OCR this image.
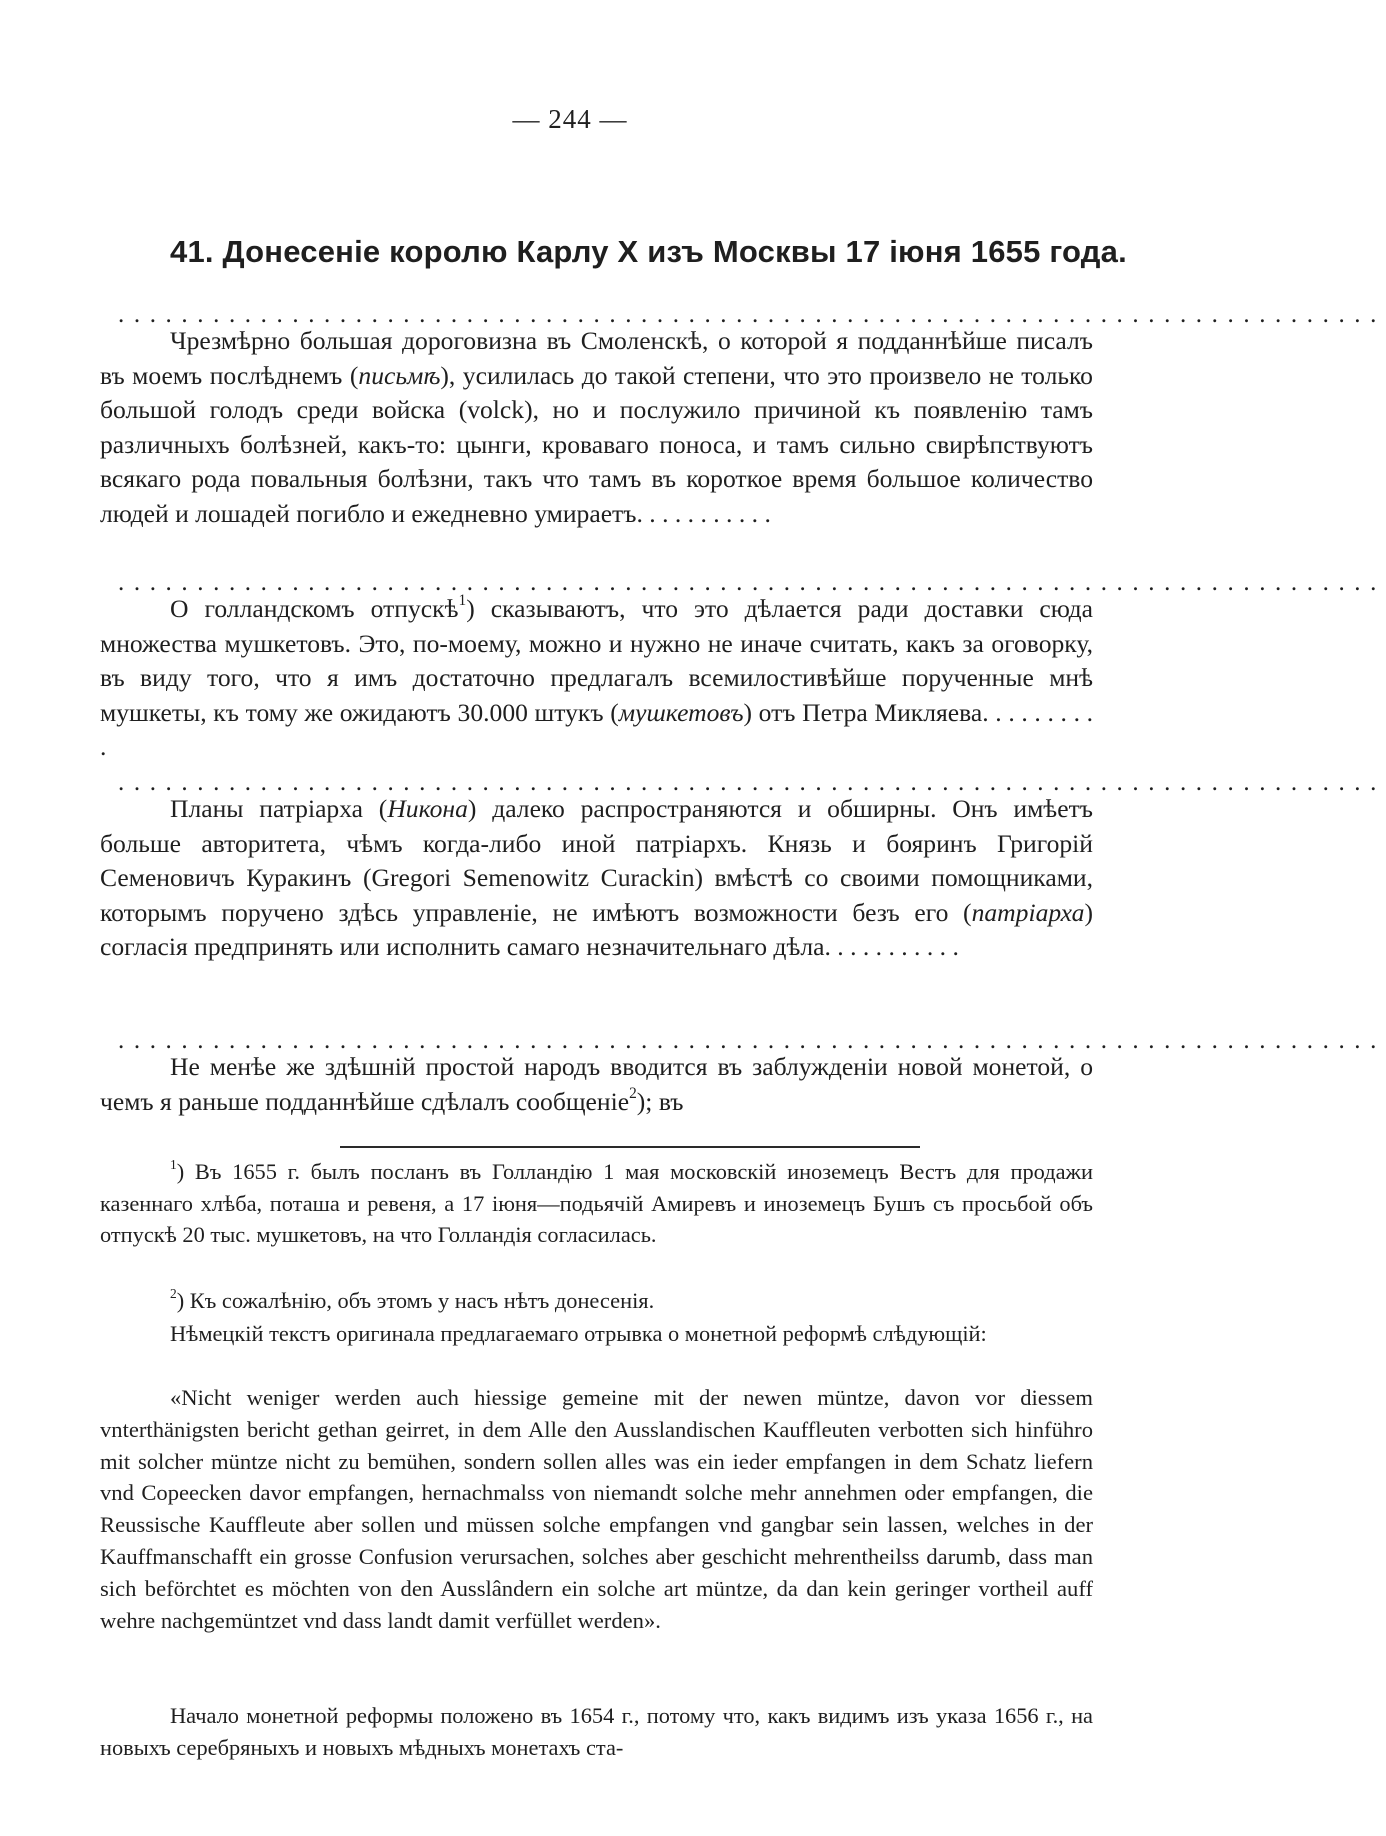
— 244 —
41. Донесеніе королю Карлу X изъ Москвы 17 іюня 1655 года.
................................................................................

Чрезмѣрно большая дороговизна въ Смоленскѣ, о которой я подданнѣйше писалъ въ моемъ послѣднемъ (письмѣ), усилилась до такой степени, что это произвело не только большой голодъ среди войска (volck), но и послужило причиной къ появленію тамъ различныхъ болѣзней, какъ-то: цынги, кроваваго поноса, и тамъ сильно свирѣпствуютъ всякаго рода повальныя болѣзни, такъ что тамъ въ короткое время большое количество людей и лошадей погибло и ежедневно умираетъ. . . . . . . . . . .

................................................................................

О голландскомъ отпускѣ$^1$) сказываютъ, что это дѣлается ради доставки сюда множества мушкетовъ. Это, по-моему, можно и нужно не иначе считать, какъ за оговорку, въ виду того, что я имъ достаточно предлагалъ всемилостивѣйше порученные мнѣ мушкеты, къ тому же ожидаютъ 30.000 штукъ (мушкетовъ) отъ Петра Микляева. . . . . . . . . .

................................................................................

Планы патріарха (Никона) далеко распространяются и обширны. Онъ имѣетъ больше авторитета, чѣмъ когда-либо иной патріархъ. Князь и бояринъ Григорій Семеновичъ Куракинъ (Gregori Semenowitz Curackin) вмѣстѣ со своими помощниками, которымъ поручено здѣсь управленіе, не имѣютъ возможности безъ его (патріарха) согласія предпринять или исполнить самаго незначительнаго дѣла. . . . . . . . . . .

................................................................................

Не менѣе же здѣшній простой народъ вводится въ заблужденіи новой монетой, о чемъ я раньше подданнѣйше сдѣлалъ сообщеніе$^2$); въ

$^1$) Въ 1655 г. былъ посланъ въ Голландію 1 мая московскій иноземецъ Вестъ для продажи казеннаго хлѣба, поташа и ревеня, а 17 іюня—подьячій Амиревъ и иноземецъ Бушъ съ просьбой объ отпускѣ 20 тыс. мушкетовъ, на что Голландія согласилась.

$^2$) Къ сожалѣнію, объ этомъ у насъ нѣтъ донесенія.

Нѣмецкій текстъ оригинала предлагаемаго отрывка о монетной реформѣ слѣдующій:

«Nicht weniger werden auch hiessige gemeine mit der newen müntze, davon vor diessem vnterthänigsten bericht gethan geirret, in dem Alle den Ausslandischen Kauffleuten verbotten sich hinführo mit solcher müntze nicht zu bemühen, sondern sollen alles was ein ieder empfangen in dem Schatz liefern vnd Copeecken davor empfangen, hernachmalss von niemandt solche mehr annehmen oder empfangen, die Reussische Kauffleute aber sollen und müssen solche empfangen vnd gangbar sein lassen, welches in der Kauffmanschafft ein grosse Confusion verursachen, solches aber geschicht mehrentheilss darumb, dass man sich beförchtet es möchten von den Ausslândern ein solche art müntze, da dan kein geringer vortheil auff wehre nachgemüntzet vnd dass landt damit verfüllet werden».

Начало монетной реформы положено въ 1654 г., потому что, какъ видимъ изъ указа 1656 г., на новыхъ серебряныхъ и новыхъ мѣдныхъ монетахъ ста-
